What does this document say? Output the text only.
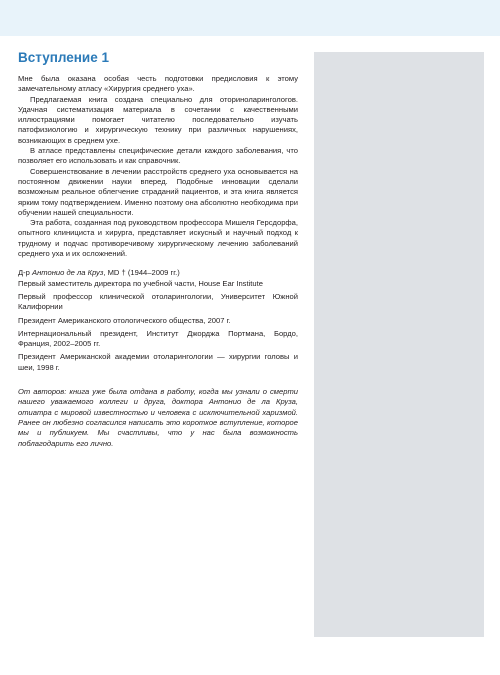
Вступление 1

Мне была оказана особая честь подготовки предисловия к этому замечательному атласу «Хирургия среднего уха».

Предлагаемая книга создана специально для оториноларингологов. Удачная систематизация материала в сочетании с качественными иллюстрациями помогает читателю последовательно изучать патофизиологию и хирургическую технику при различных нарушениях, возникающих в среднем ухе.

В атласе представлены специфические детали каждого заболевания, что позволяет его использовать и как справочник.

Совершенствование в лечении расстройств среднего уха основывается на постоянном движении науки вперед. Подобные инновации сделали возможным реальное облегчение страданий пациентов, и эта книга является ярким тому подтверждением. Именно поэтому она абсолютно необходима при обучении нашей специальности.

Эта работа, созданная под руководством профессора Мишеля Герсдорфа, опытного клинициста и хирурга, представляет искусный и научный подход к трудному и подчас противоречивому хирургическому лечению заболеваний среднего уха и их осложнений.

Д-р Антонио де ла Круз, MD † (1944–2009 гг.)

Первый заместитель директора по учебной части, House Ear Institute

Первый профессор клинической отоларингологии, Университет Южной Калифорнии

Президент Американского отологического общества, 2007 г.

Интернациональный президент, Институт Джорджа Портмана, Бордо, Франция, 2002–2005 гг.

Президент Американской академии отоларингологии — хирургии головы и шеи, 1998 г.

От авторов: книга уже была отдана в работу, когда мы узнали о смерти нашего уважаемого коллеги и друга, доктора Антонио де ла Круза, отиатра с мировой известностью и человека с исключительной харизмой. Ранее он любезно согласился написать это короткое вступление, которое мы и публикуем. Мы счастливы, что у нас была возможность поблагодарить его лично.
